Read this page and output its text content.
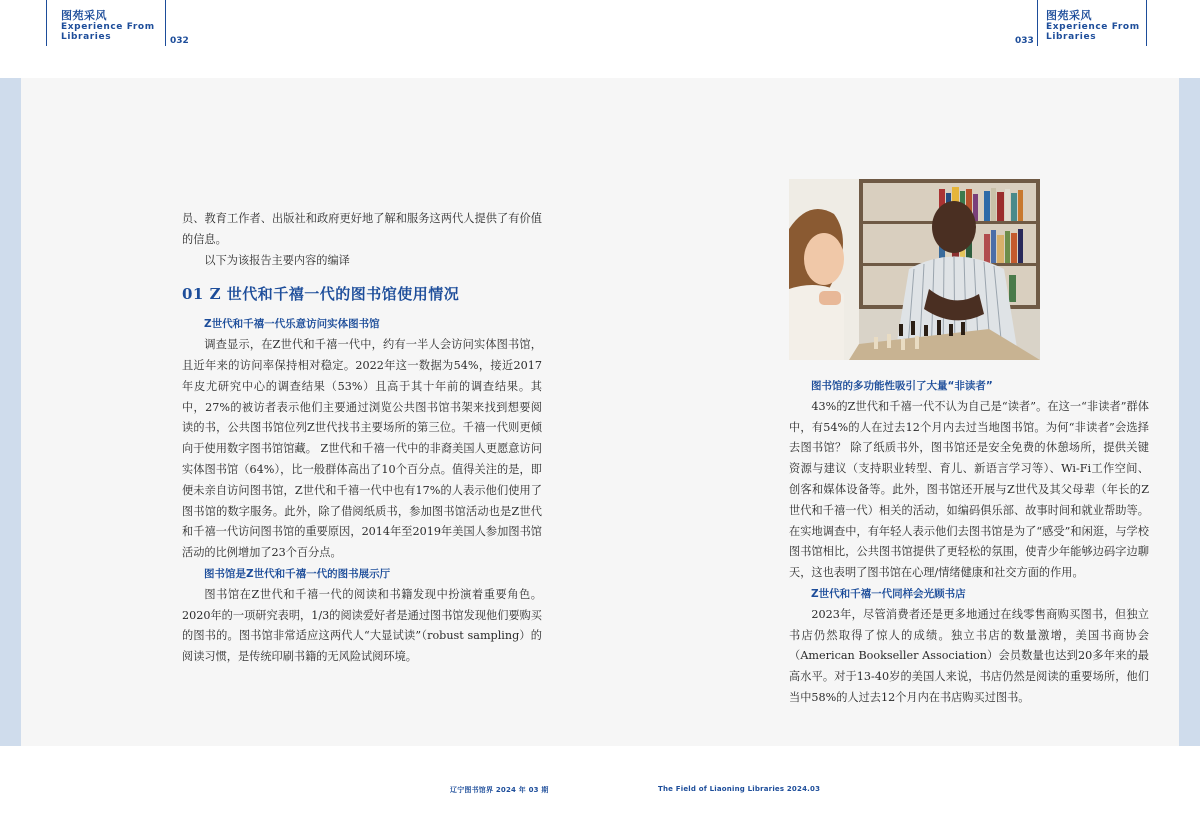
图苑采风
Experience From
Libraries	032
图苑采风
Experience From
Libraries
033

员、教育工作者、出版社和政府更好地了解和服务这两代人提供了有价值的信息。

以下为该报告主要内容的编译

01 Z 世代和千禧一代的图书馆使用情况
Z世代和千禧一代乐意访问实体图书馆

调查显示，在Z世代和千禧一代中，约有一半人会访问实体图书馆，且近年来的访问率保持相对稳定。2022年这一数据为54%，接近2017年皮尤研究中心的调查结果（53%）且高于其十年前的调查结果。其中，27%的被访者表示他们主要通过浏览公共图书馆书架来找到想要阅读的书，公共图书馆位列Z世代找书主要场所的第三位。千禧一代则更倾向于使用数字图书馆馆藏。 Z世代和千禧一代中的非裔美国人更愿意访问实体图书馆（64%），比一般群体高出了10个百分点。值得关注的是，即便未亲自访问图书馆，Z世代和千禧一代中也有17%的人表示他们使用了图书馆的数字服务。此外，除了借阅纸质书，参加图书馆活动也是Z世代和千禧一代访问图书馆的重要原因，2014年至2019年美国人参加图书馆活动的比例增加了23个百分点。

图书馆是Z世代和千禧一代的图书展示厅

图书馆在Z世代和千禧一代的阅读和书籍发现中扮演着重要角色。2020年的一项研究表明，1/3的阅读爱好者是通过图书馆发现他们要购买的图书的。图书馆非常适应这两代人“大显试读”（robust sampling）的阅读习惯，是传统印刷书籍的无风险试阅环境。

图书馆的多功能性吸引了大量“非读者”

43%的Z世代和千禧一代不认为自己是“读者”。在这一“非读者”群体中，有54%的人在过去12个月内去过当地图书馆。为何“非读者”会选择去图书馆？ 除了纸质书外，图书馆还是安全免费的休憩场所，提供关键资源与建议（支持职业转型、育儿、新语言学习等）、Wi-Fi工作空间、创客和媒体设备等。此外，图书馆还开展与Z世代及其父母辈（年长的Z世代和千禧一代）相关的活动，如编码俱乐部、故事时间和就业帮助等。 在实地调查中，有年轻人表示他们去图书馆是为了“感受”和闲逛，与学校图书馆相比，公共图书馆提供了更轻松的氛围，使青少年能够边码字边聊天，这也表明了图书馆在心理/情绪健康和社交方面的作用。

Z世代和千禧一代同样会光顾书店

2023年，尽管消费者还是更多地通过在线零售商购买图书，但独立书店仍然取得了惊人的成绩。独立书店的数量激增，美国书商协会（American Bookseller Association）会员数量也达到20多年来的最高水平。对于13-40岁的美国人来说，书店仍然是阅读的重要场所，他们当中58%的人过去12个月内在书店购买过图书。

辽宁图书馆界 2024 年 03 期	The Field of Liaoning Libraries 2024.03
